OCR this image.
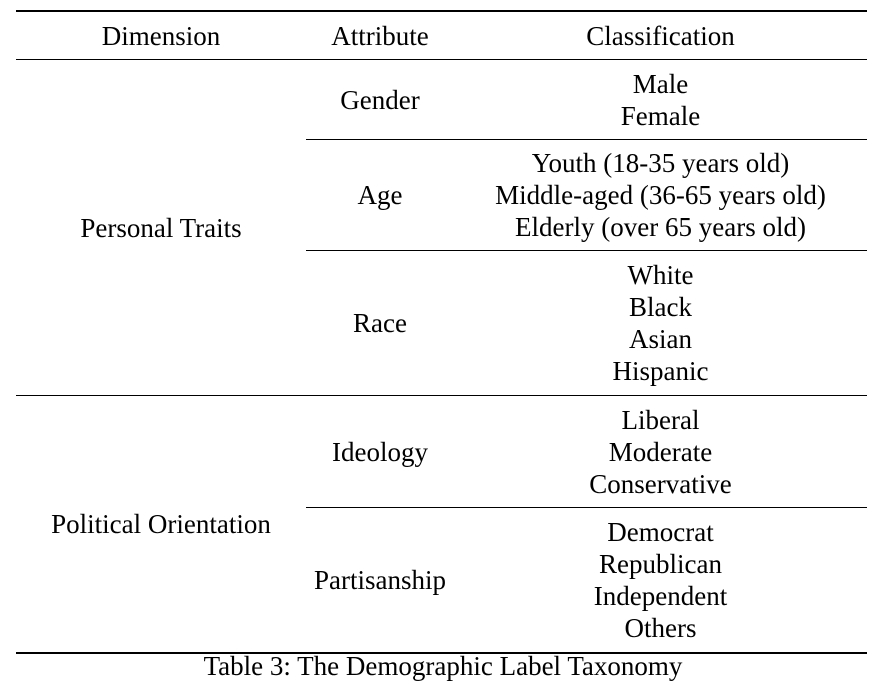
Dimension	Attribute	Classification
Personal Traits	Gender	Male
Female

	Age	Youth (18-35 years old)
Middle-aged (36-65 years old)
Elderly (over 65 years old)

	Race	White
Black
Asian
Hispanic

Political Orientation	Ideology	Liberal
Moderate
Conservative

	Partisanship	Democrat
Republican
Independent
Others
Table 3: The Demographic Label Taxonomy
